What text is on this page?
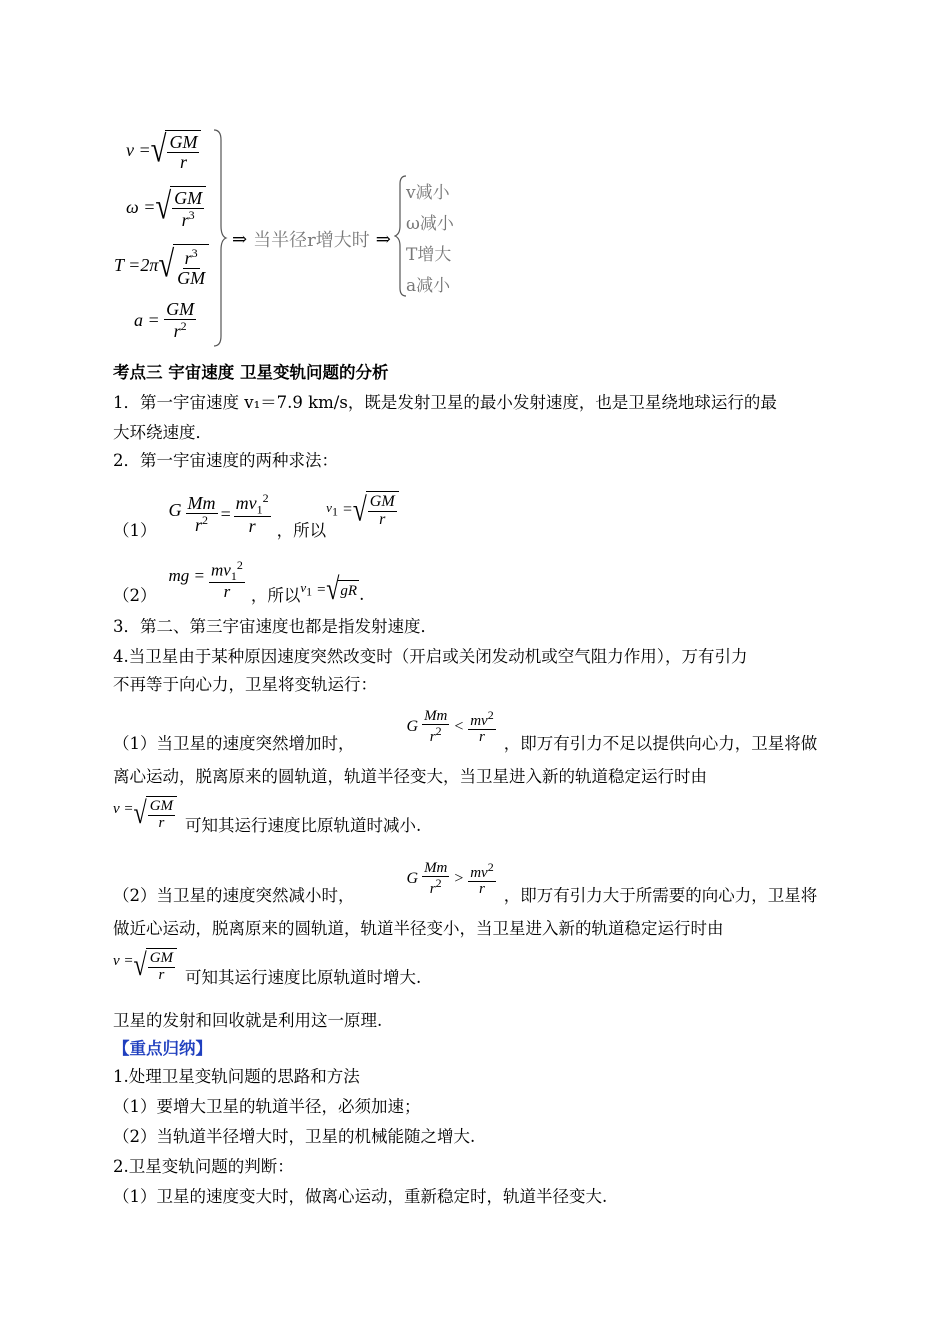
v = √ $\frac{GM}{r}$
ω = √ $\frac{GM}{r^3}$
T =2π √ $\frac{r^3}{GM}$
a =
$\frac{GM}{r^2}$
⇒ 当半径r增大时 ⇒
v减小
ω减小
T增大
a减小
考点三 宇宙速度 卫星变轨问题的分析
1．第一宇宙速度 v₁＝7.9 km/s，既是发射卫星的最小发射速度，也是卫星绕地球运行的最
大环绕速度．
2．第一宇宙速度的两种求法：
（1）
G $\frac{Mm}{r^2} = \frac{mv_1^2}{r}$ ，所以
$v_1$ = √ $\frac{GM}{r}$
（2）
mg = $\frac{mv_1^2}{r}$ ，所以 $v_1$ = √ gR .
3．第二、第三宇宙速度也都是指发射速度．
4.当卫星由于某种原因速度突然改变时（开启或关闭发动机或空气阻力作用），万有引力
不再等于向心力，卫星将变轨运行：
（1）当卫星的速度突然增加时，
G $\frac{Mm}{r^2} < \frac{mv^2}{r}$ ，即万有引力不足以提供向心力，卫星将做
离心运动，脱离原来的圆轨道，轨道半径变大，当卫星进入新的轨道稳定运行时由
v = √ $\frac{GM}{r}$ 可知其运行速度比原轨道时减小.
（2）当卫星的速度突然减小时，
G $\frac{Mm}{r^2} > \frac{mv^2}{r}$ ，即万有引力大于所需要的向心力，卫星将
做近心运动，脱离原来的圆轨道，轨道半径变小，当卫星进入新的轨道稳定运行时由
v = √ $\frac{GM}{r}$ 可知其运行速度比原轨道时增大.
卫星的发射和回收就是利用这一原理.
【重点归纳】
1.处理卫星变轨问题的思路和方法
（1）要增大卫星的轨道半径，必须加速；
（2）当轨道半径增大时，卫星的机械能随之增大.
2.卫星变轨问题的判断：
（1）卫星的速度变大时，做离心运动，重新稳定时，轨道半径变大.
